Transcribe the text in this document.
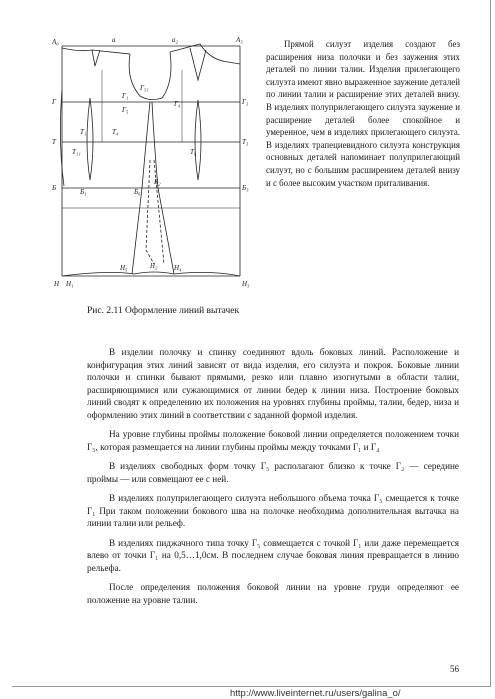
А₀	а	а₂	А₃
Г	Г₃
Г₁
Г₄
Г₅
Г₅₁
Т	Т₃
Т₁	Т₄
Т₁₁	Т₆
Б	Б₁	Б₃
Б₆
Б₂
Н Н₁	Н₃
Н₅	Н₂ Н₄

Прямой силуэт изделия создают без расширения низа полочки и без заужения этих деталей по линии талии. Изделия прилегающего силуэта имеют явно выраженное заужение деталей по линии талии и расширение этих деталей внизу. В изделиях полуприлегающего силуэта заужение и расширение деталей более спокойное и умеренное, чем в изделиях прилегающего силуэта. В изделиях трапециевидного силуэта конструкция основных деталей напоминает полуприлегающий силуэт, но с большим расширением деталей внизу и с более высоким участком приталивания.

Рис. 2.11 Оформление линий вытачек

В изделии полочку и спинку соединяют вдоль боковых линий. Расположение и конфигурация этих линий зависят от вида изделия, его силуэта и покроя. Боковые линии полочки и спинки бывают прямыми, резко или плавно изогнутыми в области талии, расширяющимися или сужающимися от линии бедер к линии низа. Построение боковых линий сводят к определению их положения на уровнях глубины проймы, талии, бедер, низа и оформлению этих линий в соответствии с заданной формой изделия.

На уровне глубины проймы положение боковой линии определяется положением точки Г₅, которая размещается на линии глубины проймы между точками Г₁ и Г₄

В изделиях свободных форм точку Г₅ располагают близко к точке Г₂ — середине проймы — или совмещают ее с ней.

В изделиях полуприлегающего силуэта небольшого объема точка Г₅ смещается к точке Г₁ При таком положении бокового шва на полочке необходима дополнительная вытачка на линии талии или рельеф.

В изделиях пиджачного типа точку Г₅ совмещается с точкой Г₁ или даже перемещается влево от точки Г₁ на 0,5…1,0см. В последнем случае боковая линия превращается в линию рельефа.

После определения положения боковой линии на уровне груди определяют ее положение на уровне талии.

56
http://www.liveinternet.ru/users/galina_o/
